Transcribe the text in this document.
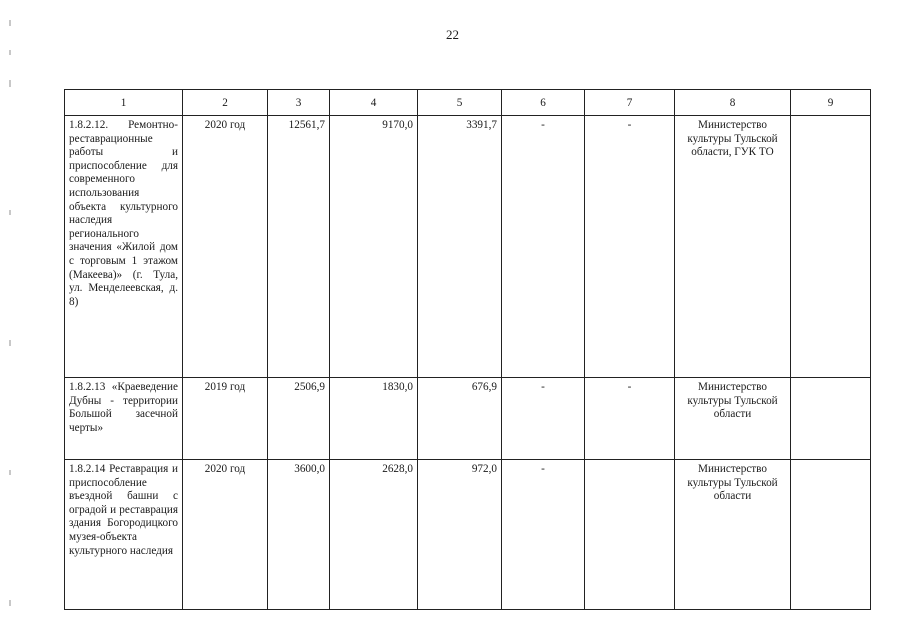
22
1	2	3	4	5	6	7	8	9
1.8.2.12. Ремонтно-реставрационные работы и приспособление для современного использования объекта культурного наследия регионального значения «Жилой дом с торговым 1 этажом (Макеева)» (г. Тула, ул. Менделеевская, д. 8)	2020 год	12561,7	9170,0	3391,7	-	-	Министерство культуры Тульской области, ГУК ТО	
1.8.2.13 «Краеведение Дубны - территории Большой засечной черты»	2019 год	2506,9	1830,0	676,9	-	-	Министерство культуры Тульской области	
1.8.2.14 Реставрация и приспособление въездной башни с оградой и реставрация здания Богородицкого музея-объекта культурного наследия	2020 год	3600,0	2628,0	972,0	-		Министерство культуры Тульской области	
